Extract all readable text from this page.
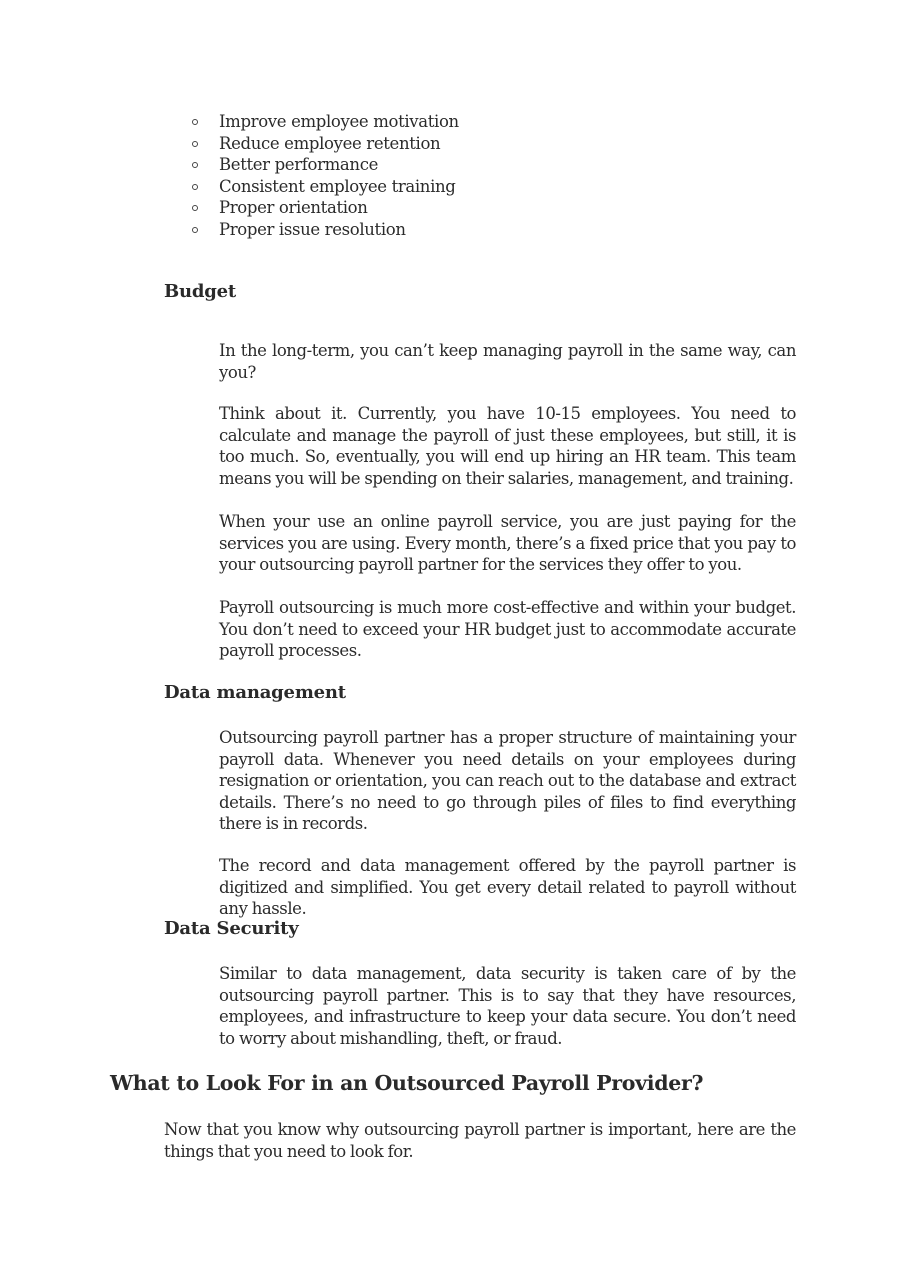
Improve employee motivation
Reduce employee retention
Better performance
Consistent employee training
Proper orientation
Proper issue resolution
Budget

In the long-term, you can’t keep managing payroll in the same way, can you?

Think about it. Currently, you have 10-15 employees. You need to calculate and manage the payroll of just these employees, but still, it is too much. So, eventually, you will end up hiring an HR team. This team means you will be spending on their salaries, management, and training.

When your use an online payroll service, you are just paying for the services you are using. Every month, there’s a fixed price that you pay to your outsourcing payroll partner for the services they offer to you.

Payroll outsourcing is much more cost-effective and within your budget. You don’t need to exceed your HR budget just to accommodate accurate payroll processes.

Data management

Outsourcing payroll partner has a proper structure of maintaining your payroll data. Whenever you need details on your employees during resignation or orientation, you can reach out to the database and extract details. There’s no need to go through piles of files to find everything there is in records.

The record and data management offered by the payroll partner is digitized and simplified. You get every detail related to payroll without any hassle.

Data Security

Similar to data management, data security is taken care of by the outsourcing payroll partner. This is to say that they have resources, employees, and infrastructure to keep your data secure. You don’t need to worry about mishandling, theft, or fraud.

What to Look For in an Outsourced Payroll Provider?

Now that you know why outsourcing payroll partner is important, here are the things that you need to look for.
